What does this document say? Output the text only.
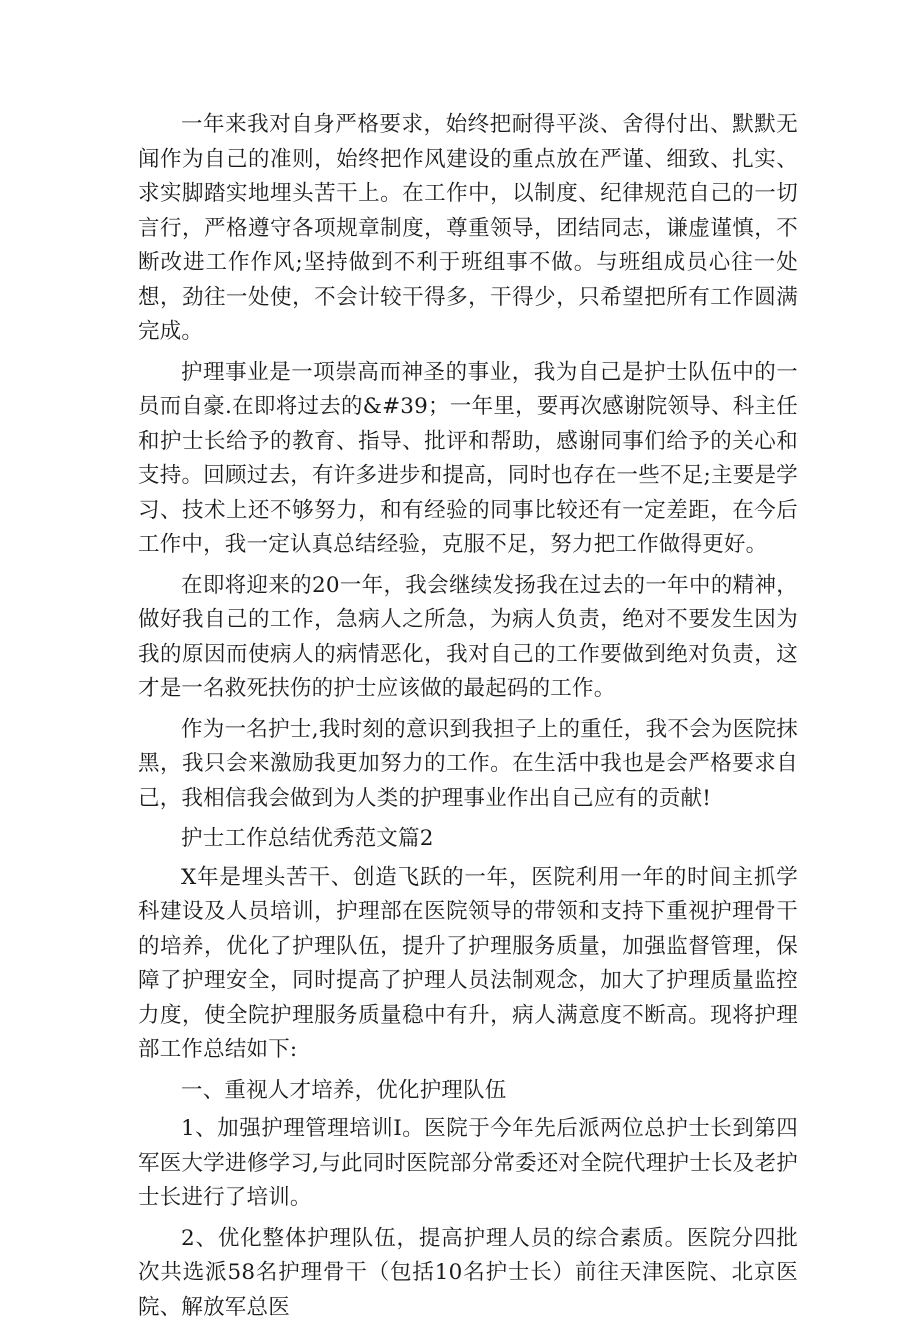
一年来我对自身严格要求，始终把耐得平淡、舍得付出、默默无闻作为自己的准则，始终把作风建设的重点放在严谨、细致、扎实、求实脚踏实地埋头苦干上。在工作中，以制度、纪律规范自己的一切言行，严格遵守各项规章制度，尊重领导，团结同志，谦虚谨慎，不断改进工作作风;坚持做到不利于班组事不做。与班组成员心往一处想，劲往一处使，不会计较干得多，干得少，只希望把所有工作圆满完成。

护理事业是一项崇高而神圣的事业，我为自己是护士队伍中的一员而自豪.在即将过去的&#39；一年里，要再次感谢院领导、科主任和护士长给予的教育、指导、批评和帮助，感谢同事们给予的关心和支持。回顾过去，有许多进步和提高，同时也存在一些不足;主要是学习、技术上还不够努力，和有经验的同事比较还有一定差距，在今后工作中，我一定认真总结经验，克服不足，努力把工作做得更好。

在即将迎来的20一年，我会继续发扬我在过去的一年中的精神，做好我自己的工作，急病人之所急，为病人负责，绝对不要发生因为我的原因而使病人的病情恶化，我对自己的工作要做到绝对负责，这才是一名救死扶伤的护士应该做的最起码的工作。

作为一名护士,我时刻的意识到我担子上的重任，我不会为医院抹黑，我只会来激励我更加努力的工作。在生活中我也是会严格要求自己，我相信我会做到为人类的护理事业作出自己应有的贡献!

护士工作总结优秀范文篇2

X年是埋头苦干、创造飞跃的一年，医院利用一年的时间主抓学科建设及人员培训，护理部在医院领导的带领和支持下重视护理骨干的培养，优化了护理队伍，提升了护理服务质量，加强监督管理，保障了护理安全，同时提高了护理人员法制观念，加大了护理质量监控力度，使全院护理服务质量稳中有升，病人满意度不断高。现将护理部工作总结如下:

一、重视人才培养，优化护理队伍

1、加强护理管理培训I。医院于今年先后派两位总护士长到第四军医大学进修学习,与此同时医院部分常委还对全院代理护士长及老护士长进行了培训。

2、优化整体护理队伍，提高护理人员的综合素质。医院分四批次共选派58名护理骨干（包括10名护士长）前往天津医院、北京医院、解放军总医
